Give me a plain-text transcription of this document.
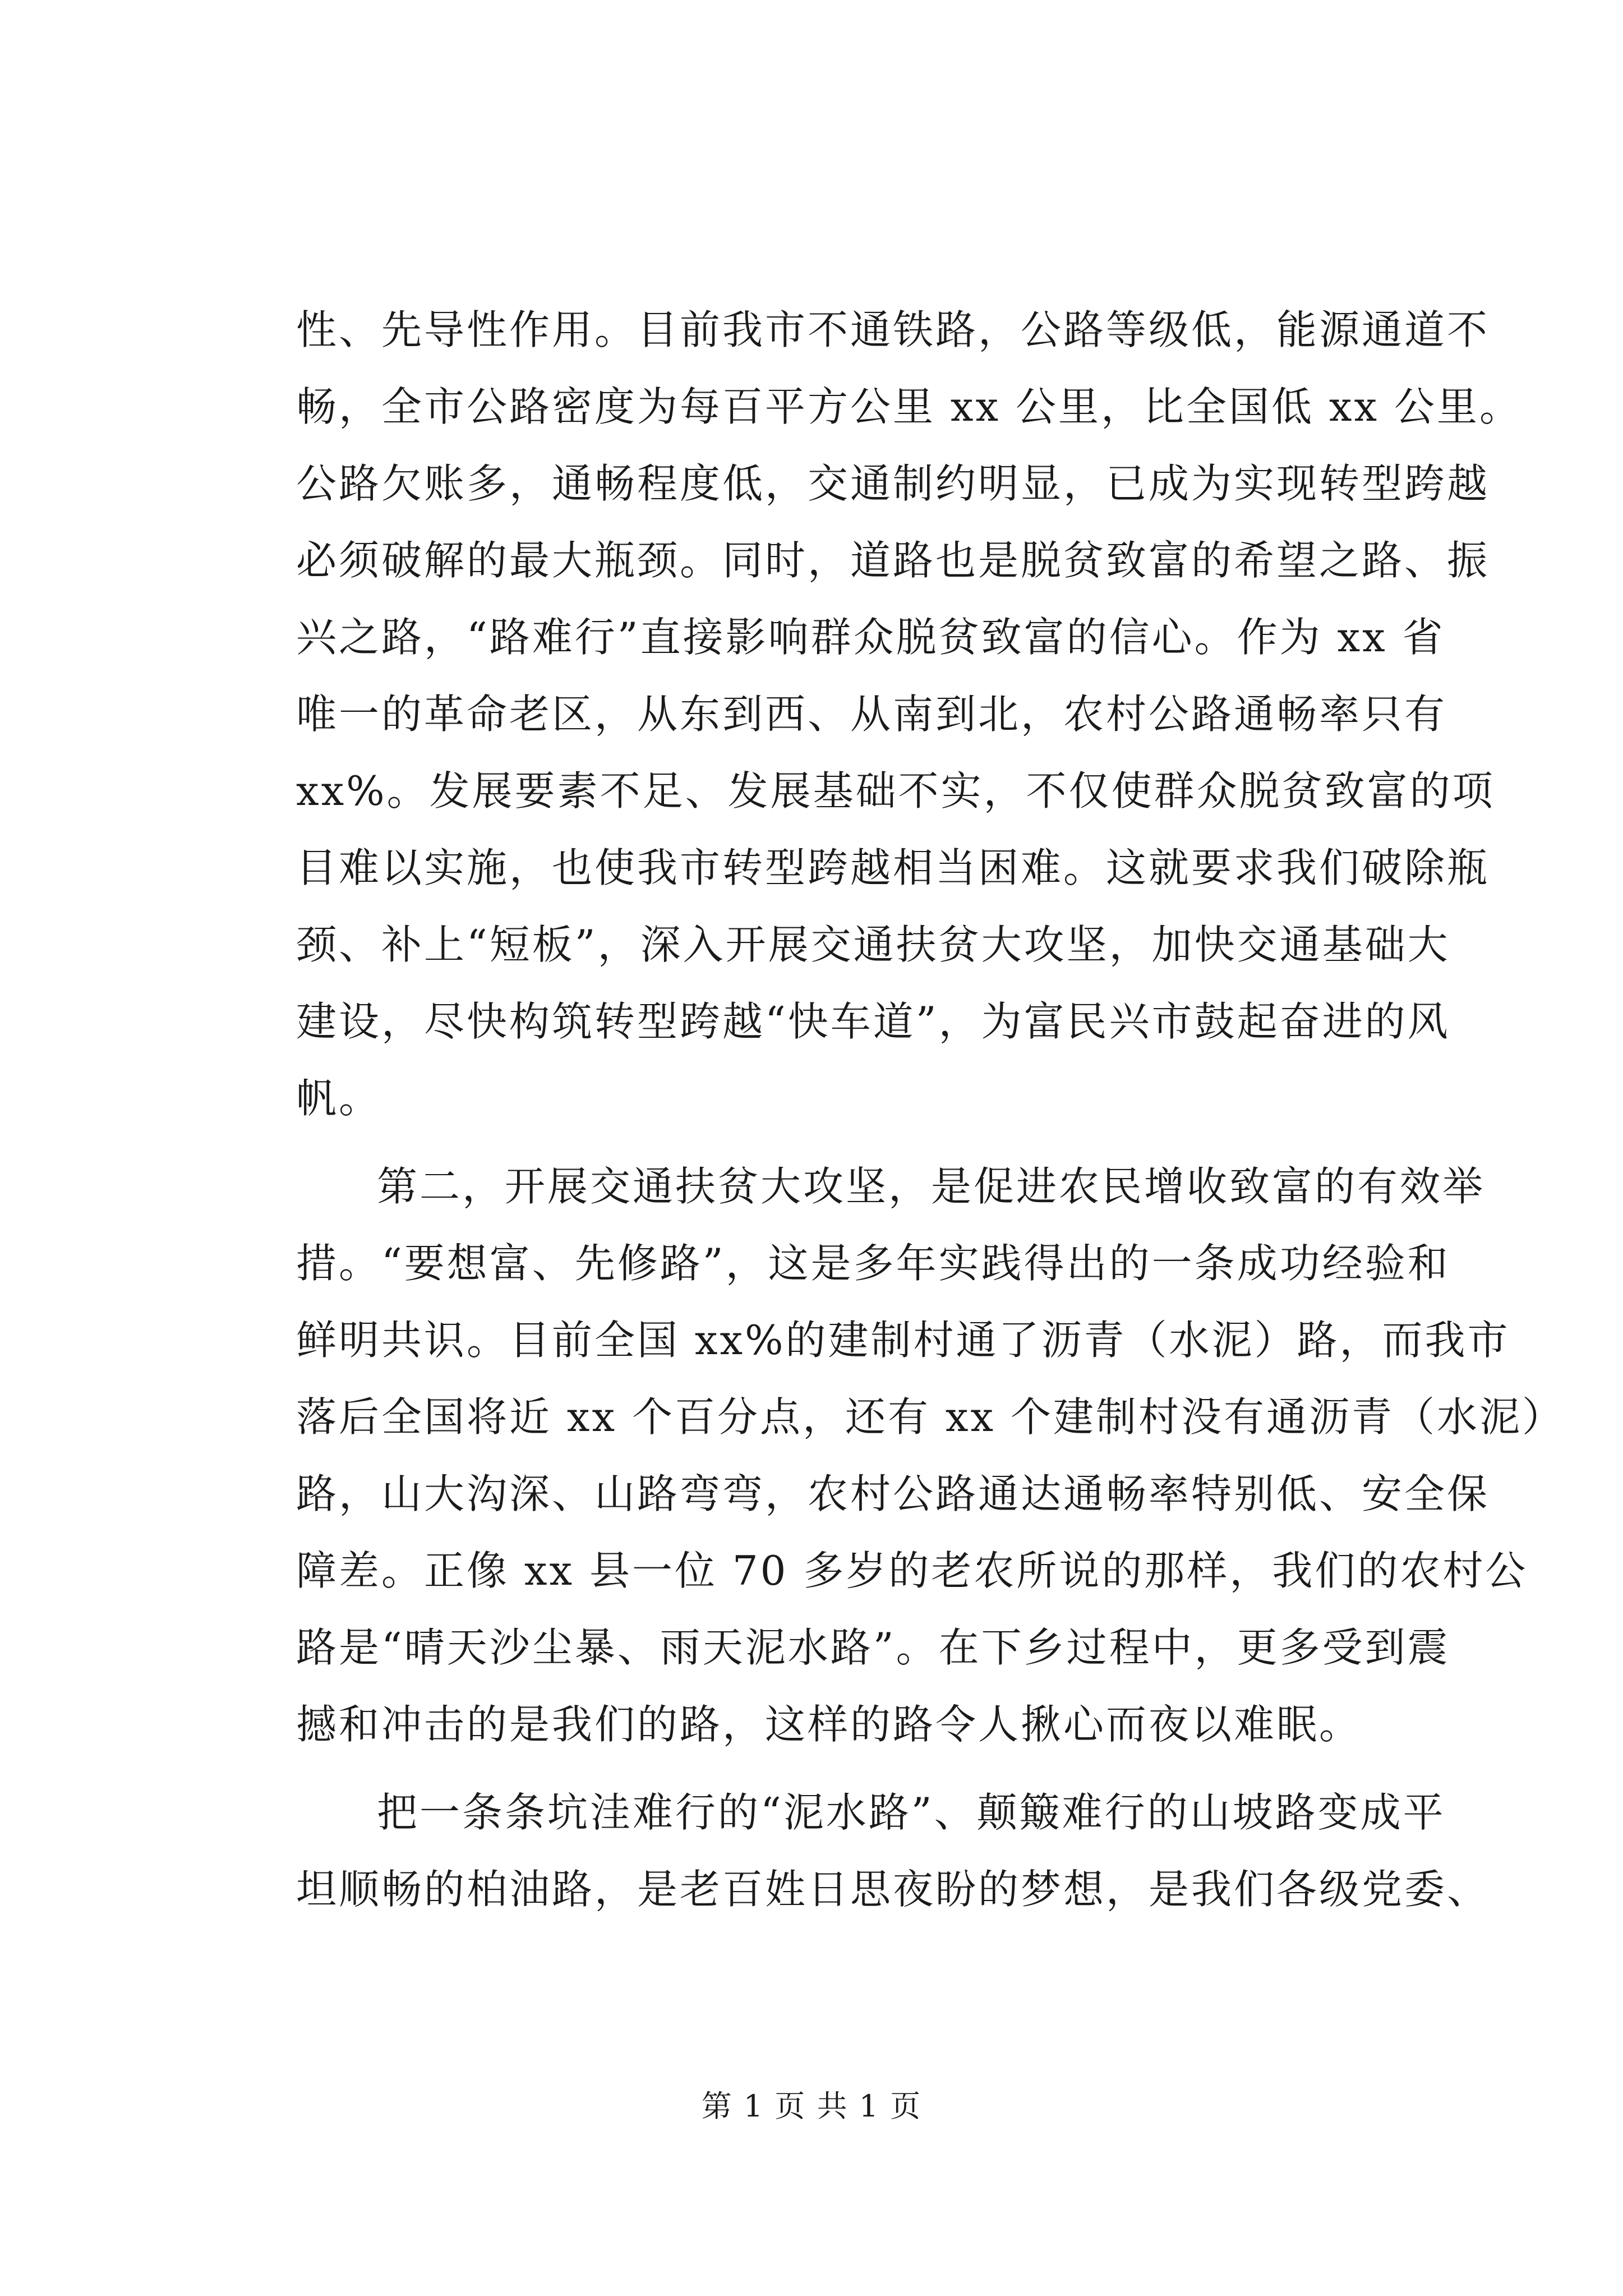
性、先导性作用。目前我市不通铁路，公路等级低，能源通道不
畅，全市公路密度为每百平方公里 xx 公里，比全国低 xx 公里。
公路欠账多，通畅程度低，交通制约明显，已成为实现转型跨越
必须破解的最大瓶颈。同时，道路也是脱贫致富的希望之路、振
兴之路，“路难行”直接影响群众脱贫致富的信心。作为 xx 省
唯一的革命老区，从东到西、从南到北，农村公路通畅率只有
xx%。发展要素不足、发展基础不实，不仅使群众脱贫致富的项
目难以实施，也使我市转型跨越相当困难。这就要求我们破除瓶
颈、补上“短板”，深入开展交通扶贫大攻坚，加快交通基础大
建设，尽快构筑转型跨越“快车道”，为富民兴市鼓起奋进的风
帆。
第二，开展交通扶贫大攻坚，是促进农民增收致富的有效举
措。“要想富、先修路”，这是多年实践得出的一条成功经验和
鲜明共识。目前全国 xx%的建制村通了沥青（水泥）路，而我市
落后全国将近 xx 个百分点，还有 xx 个建制村没有通沥青（水泥）
路，山大沟深、山路弯弯，农村公路通达通畅率特别低、安全保
障差。正像 xx 县一位 70 多岁的老农所说的那样，我们的农村公
路是“晴天沙尘暴、雨天泥水路”。在下乡过程中，更多受到震
撼和冲击的是我们的路，这样的路令人揪心而夜以难眠。
把一条条坑洼难行的“泥水路”、颠簸难行的山坡路变成平
坦顺畅的柏油路，是老百姓日思夜盼的梦想，是我们各级党委、
第 1 页 共 1 页
